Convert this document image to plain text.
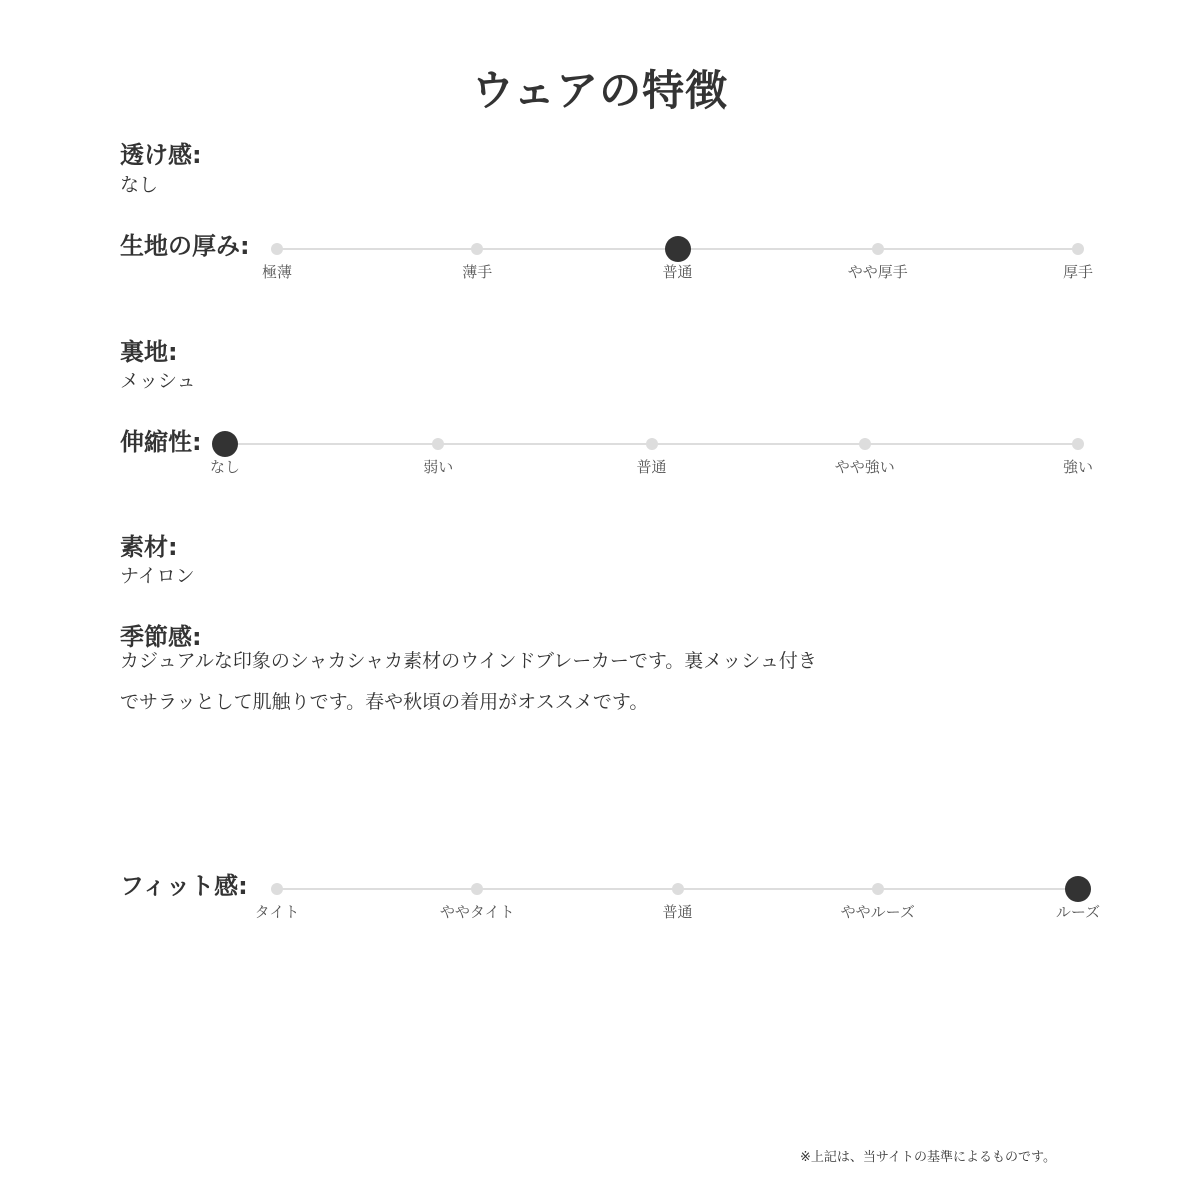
ウェアの特徴
透け感:
なし
生地の厚み:
極薄	薄手	普通	やや厚手	厚手
裏地:
メッシュ
伸縮性:
なし	弱い	普通	やや強い	強い
素材:
ナイロン
季節感:
カジュアルな印象のシャカシャカ素材のウインドブレーカーです。裏メッシュ付き
でサラッとして肌触りです。春や秋頃の着用がオススメです。
フィット感:
タイト	ややタイト	普通	ややルーズ	ルーズ
※上記は、当サイトの基準によるものです。
